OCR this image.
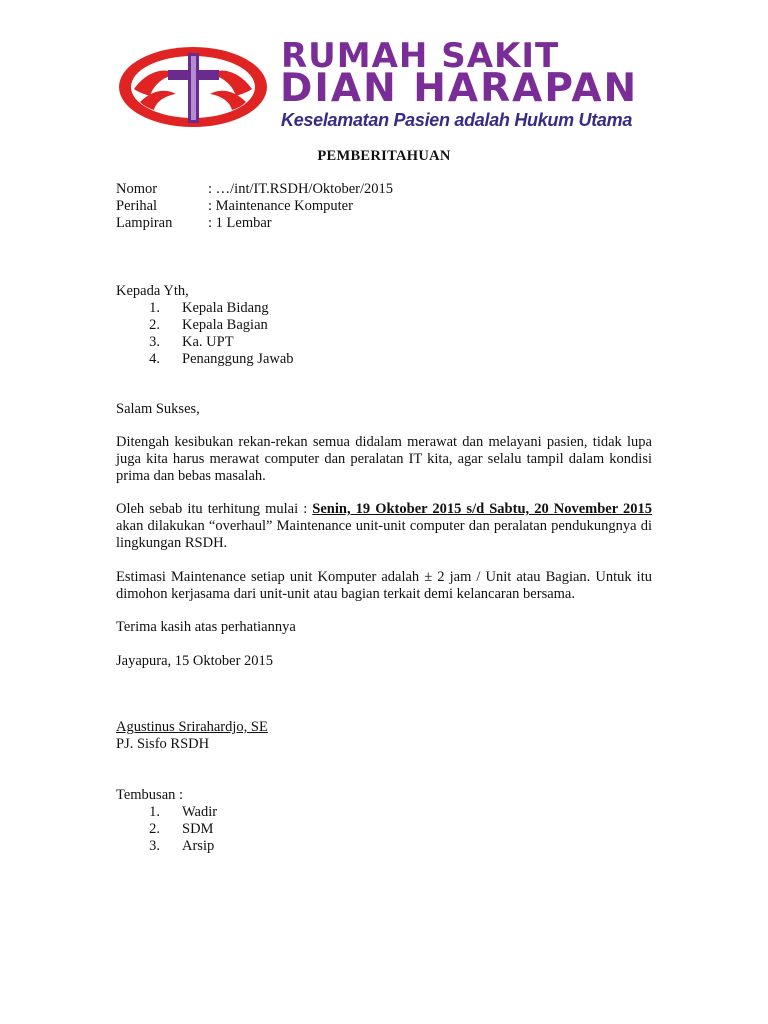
RUMAH SAKIT
DIAN HARAPAN
Keselamatan Pasien adalah Hukum Utama
PEMBERITAHUAN
Nomor	: …/int/IT.RSDH/Oktober/2015
Perihal	: Maintenance Komputer
Lampiran : 1 Lembar
Kepada Yth,
1. Kepala Bidang
2. Kepala Bagian
3. Ka. UPT
4. Penanggung Jawab
Salam Sukses,
Ditengah kesibukan rekan-rekan semua didalam merawat dan melayani pasien, tidak lupa juga kita harus merawat computer dan peralatan IT kita, agar selalu tampil dalam kondisi prima dan bebas masalah.
Oleh sebab itu terhitung mulai : Senin, 19 Oktober 2015 s/d Sabtu, 20 November 2015 akan dilakukan “overhaul” Maintenance unit-unit computer dan peralatan pendukungnya di lingkungan RSDH.
Estimasi Maintenance setiap unit Komputer adalah ± 2 jam / Unit atau Bagian. Untuk itu dimohon kerjasama dari unit-unit atau bagian terkait demi kelancaran bersama.
Terima kasih atas perhatiannya
Jayapura, 15 Oktober 2015
Agustinus Srirahardjo, SE
PJ. Sisfo RSDH
Tembusan :
1. Wadir
2. SDM
3. Arsip
